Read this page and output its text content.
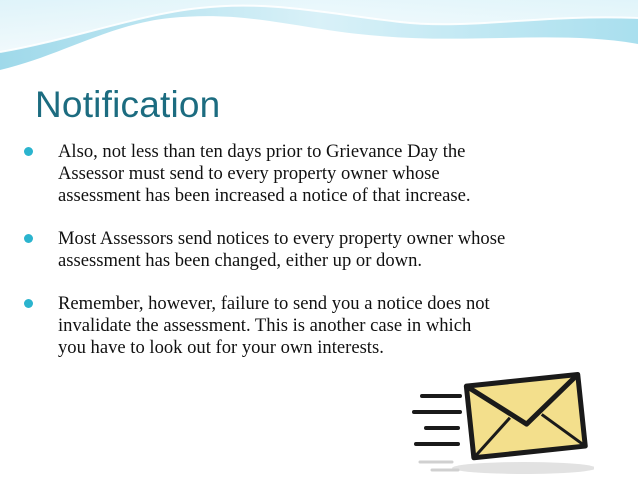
Notification
Also, not less than ten days prior to Grievance Day the
Assessor must send to every property owner whose
assessment has been increased a notice of that increase.
Most Assessors send notices to every property owner whose
assessment has been changed, either up or down.
Remember, however, failure to send you a notice does not
invalidate the assessment. This is another case in which
you have to look out for your own interests.
